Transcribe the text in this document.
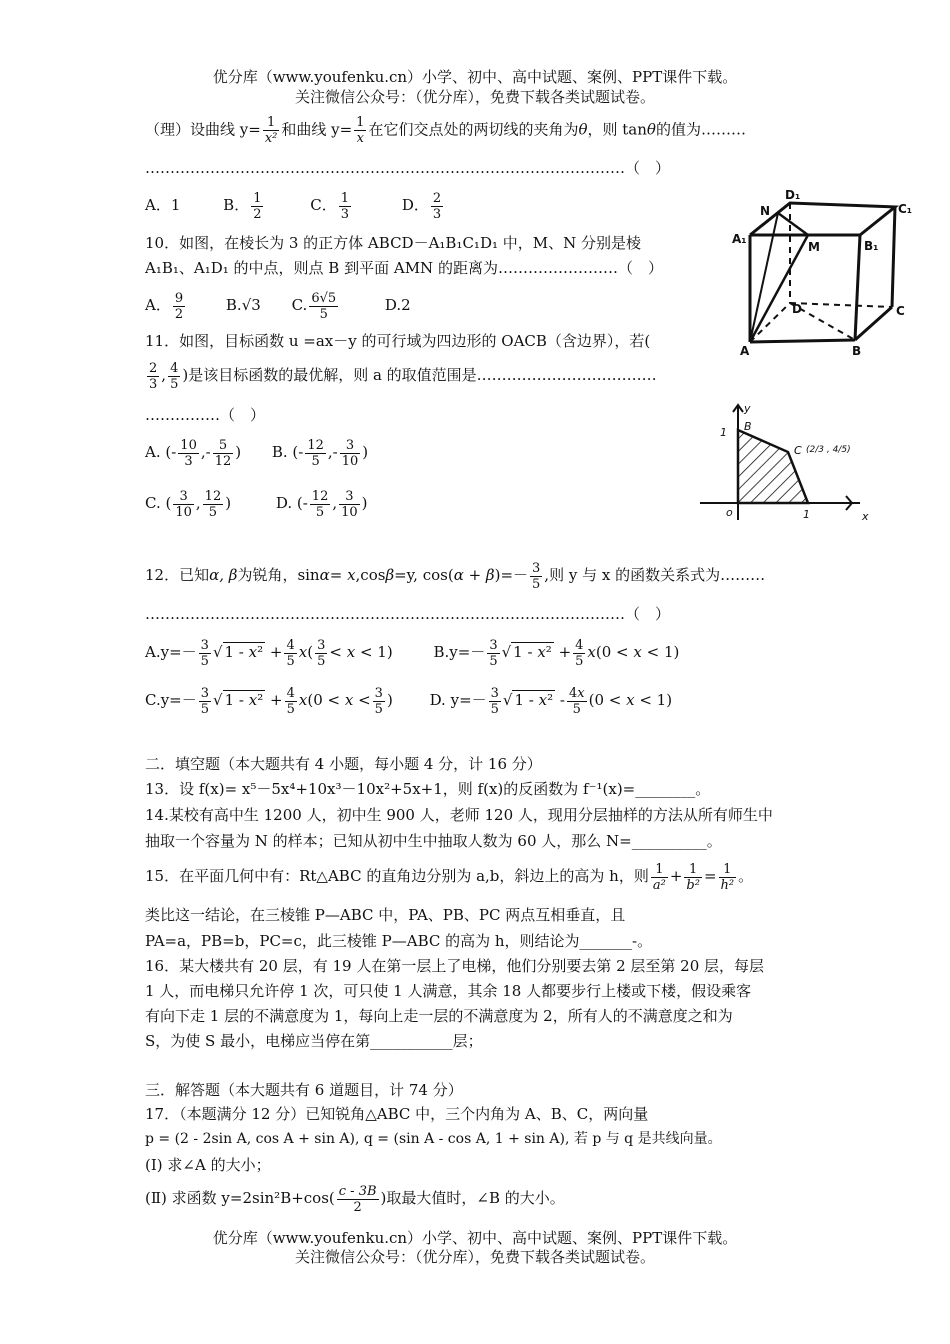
优分库（www.youfenku.cn）小学、初中、高中试题、案例、PPT课件下载。
关注微信公众号：（优分库），免费下载各类试题试卷。
（理）设曲线 $y= \frac{1}{\text{x²}}$ 和曲线 $y= \frac{1}{x}$ 在它们交点处的两切线的夹角为θ，则 tanθ的值为………
……………………………………………………………………………………（　）
A．1	B． $\frac{1}{2}$	C． $\frac{1}{3}$	D． $\frac{2}{3}$
10．如图，在棱长为 3 的正方体 ABCD－A₁B₁C₁D₁ 中，M、N 分别是棱
A₁B₁、A₁D₁ 的中点，则点 B 到平面 AMN 的距离为……………………（　）
A． $\frac{9}{2}$	B.√3 C. $\frac{6√5}{5}$	D.2
N
D₁
C₁
A₁
M	B₁
D	C
A	B
11．如图，目标函数 u =ax－y 的可行域为四边形的 OACB（含边界），若(
$\frac{2}{3}$ , $\frac{4}{5}$ )是该目标函数的最优解，则 a 的取值范围是………………………………
……………（　）
A. (- $\frac{10}{3}$ ,- $\frac{5}{12}$ ) B. (- $\frac{12}{5}$ ,- $\frac{3}{10}$ )
C. ( $\frac{3}{10}$ , $\frac{12}{5}$ )	D. (- $\frac{12}{5}$ , $\frac{3}{10}$ )
y
1 B
C (2/3 , 4/5)
o	1	x
12．已知α, β为锐角，sinα= x,cosβ=y, $\cos(\alpha + \beta)=- \frac{3}{5}$ ,则 y 与 x 的函数关系式为………
……………………………………………………………………………………（　）
$A.y=- \frac{3}{5}$ √ $1 - x^2 + \frac{4}{5} x( \frac{3}{5} < x < 1)$ $B.y=- \frac{3}{5}$ √ $1 - x^2 + \frac{4}{5} x(0 < x < 1)$
$C.y=- \frac{3}{5}$ √ $1 - x^2 + \frac{4}{5} x(0 < x < \frac{3}{5}$ ) D. $y=- \frac{3}{5}$ √ $1 - x^2 - \frac{4x}{5} (0 < x < 1)$
二．填空题（本大题共有 4 小题，每小题 4 分，计 16 分）
13．设 f(x)= x⁵－5x⁴+10x³－10x²+5x+1，则 f(x)的反函数为 f⁻¹(x)=________。
14.某校有高中生 1200 人，初中生 900 人，老师 120 人，现用分层抽样的方法从所有师生中
抽取一个容量为 N 的样本；已知从初中生中抽取人数为 60 人，那么 N=__________。
15．在平面几何中有：Rt△ABC 的直角边分别为 a,b，斜边上的高为 h，则 $\frac{1}{\text{a²}} + \frac{1}{\text{b²}} = \frac{1}{\text{h²}}$ 。
类比这一结论，在三棱锥 P—ABC 中，PA、PB、PC 两点互相垂直，且
PA=a，PB=b，PC=c，此三棱锥 P—ABC 的高为 h，则结论为_______-。
16．某大楼共有 20 层，有 19 人在第一层上了电梯，他们分别要去第 2 层至第 20 层，每层
1 人，而电梯只允许停 1 次，可只使 1 人满意，其余 18 人都要步行上楼或下楼，假设乘客
有向下走 1 层的不满意度为 1，每向上走一层的不满意度为 2，所有人的不满意度之和为
S，为使 S 最小，电梯应当停在第___________层；
三．解答题（本大题共有 6 道题目，计 74 分）
17．（本题满分 12 分）已知锐角△ABC 中，三个内角为 A、B、C，两向量
p = (2 - 2sin A, cos A + sin A), q = (sin A - cos A, 1 + sin A), 若 p 与 q 是共线向量。
(Ⅰ) 求∠A 的大小；
(Ⅱ) 求函数 $y=2\sin^2B+\cos( \frac{c - 3B}{2}$ )取最大值时，∠B 的大小。
优分库（www.youfenku.cn）小学、初中、高中试题、案例、PPT课件下载。
关注微信公众号：（优分库），免费下载各类试题试卷。
